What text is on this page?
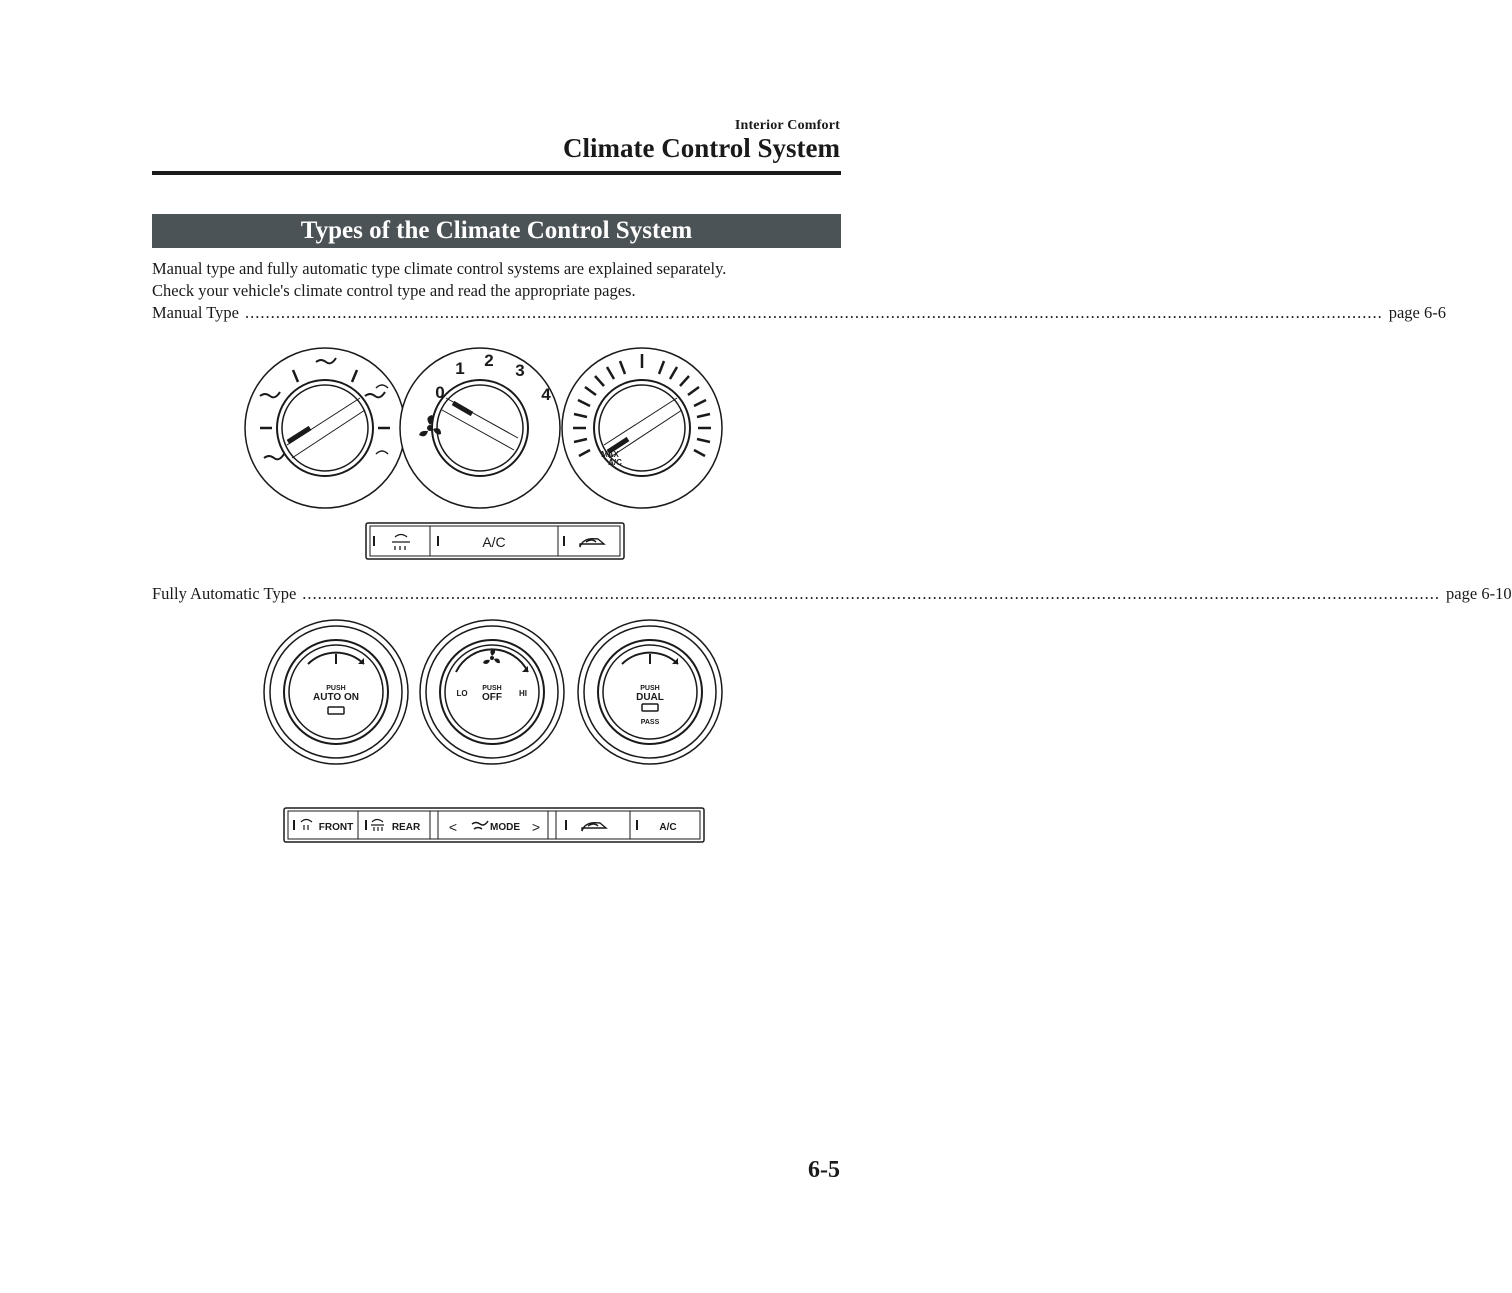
Interior Comfort
Climate Control System
Types of the Climate Control System
Manual type and fully automatic type climate control systems are explained separately.
Check your vehicle's climate control type and read the appropriate pages.
Manual Type .............................................................................................................................................................................................................................. page 6-6
0
1 2
3
4
MAX
A/C
A/C
Fully Automatic Type .............................................................................................................................................................................................................................. page 6-10
PUSH
AUTO ON
PUSH
OFF
LO	HI
PUSH
DUAL
PASS
FRONT	REAR <	MODE >	A/C
6-5
